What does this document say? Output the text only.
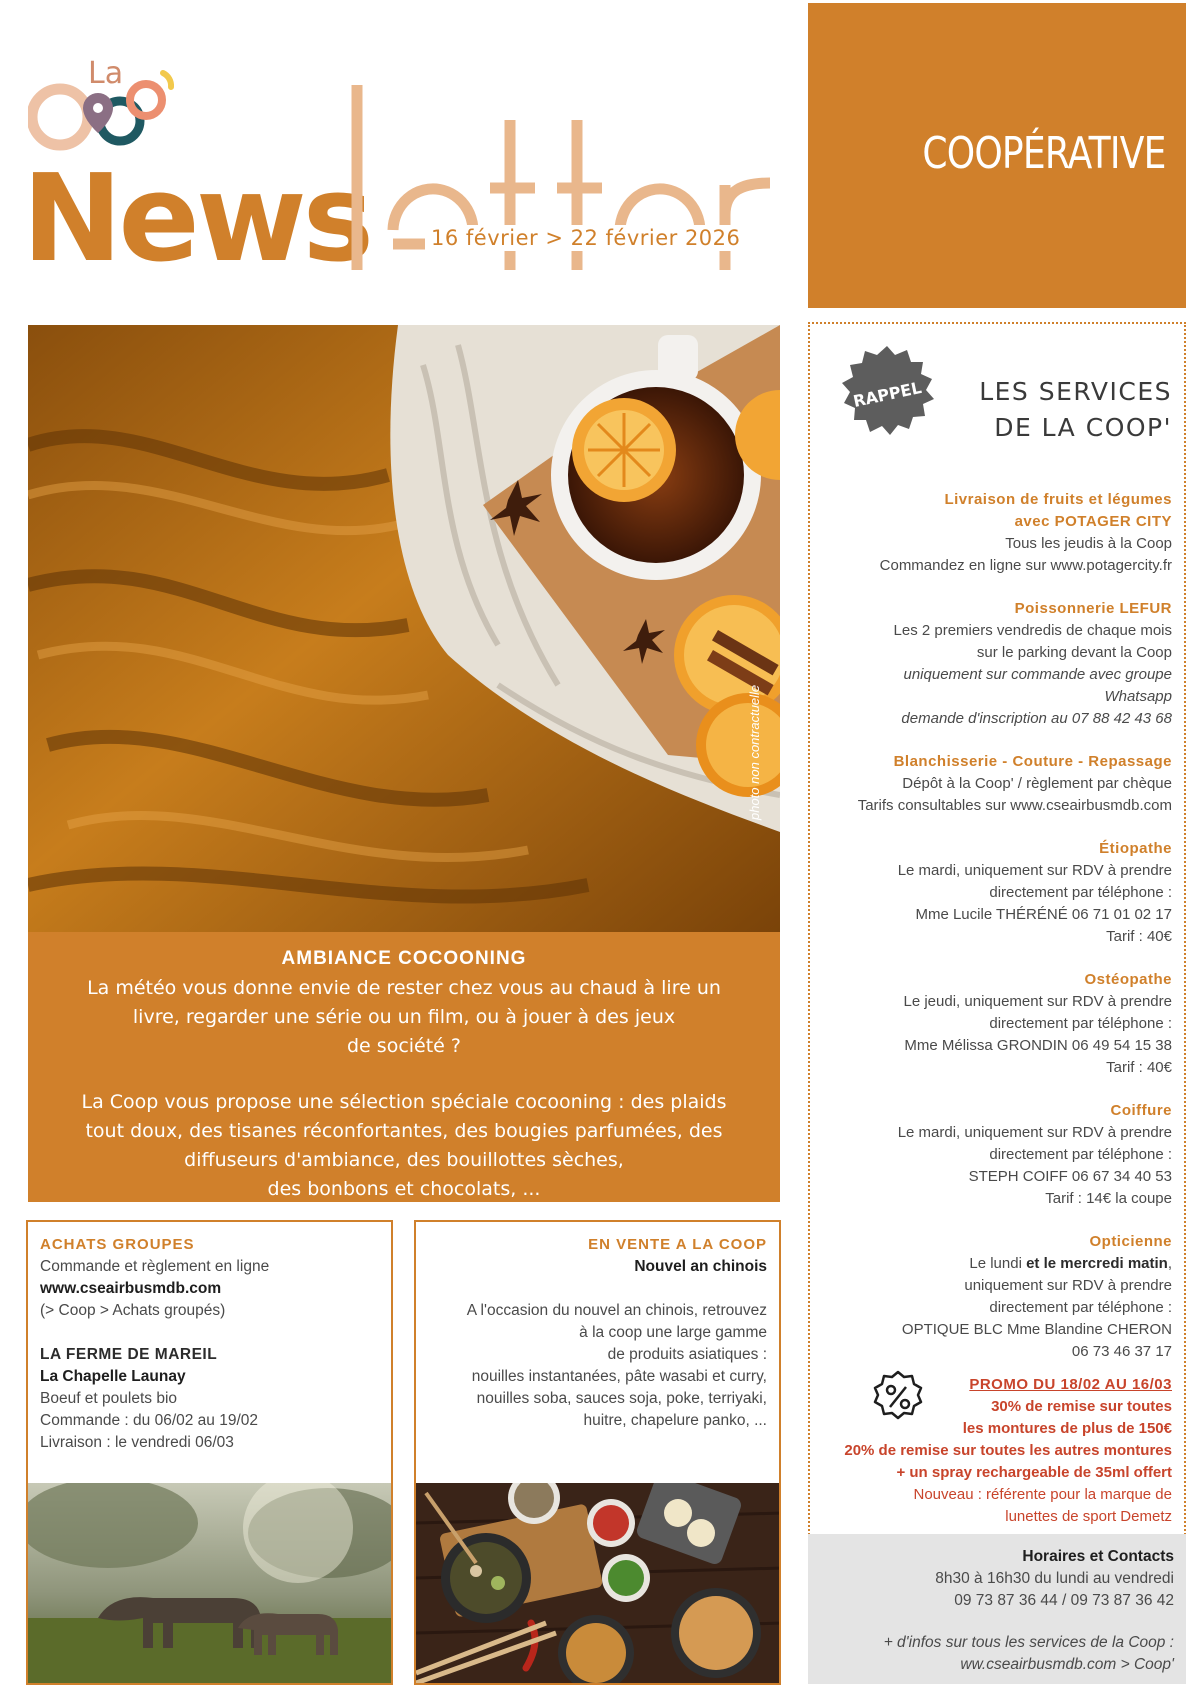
La
News	16 février > 22 février 2026
COOPÉRATIVE
photo non contractuelle
AMBIANCE COCOONING
La météo vous donne envie de rester chez vous au chaud à lire un
livre, regarder une série ou un film, ou à jouer à des jeux
de société ?
La Coop vous propose une sélection spéciale cocooning : des plaids
tout doux, des tisanes réconfortantes, des bougies parfumées, des
diffuseurs d'ambiance, des bouillottes sèches,
des bonbons et chocolats, ...
ACHATS GROUPES
Commande et règlement en ligne
www.cseairbusmdb.com
(> Coop > Achats groupés)
LA FERME DE MAREIL
La Chapelle Launay
Boeuf et poulets bio
Commande : du 06/02 au 19/02
Livraison : le vendredi 06/03
EN VENTE A LA COOP
Nouvel an chinois
A l'occasion du nouvel an chinois, retrouvez
à la coop une large gamme
de produits asiatiques :
nouilles instantanées, pâte wasabi et curry,
nouilles soba, sauces soja, poke, terriyaki,
huitre, chapelure panko, ...
RAPPEL LES SERVICES
DE LA COOP'
Livraison de fruits et légumes
avec POTAGER CITY
Tous les jeudis à la Coop
Commandez en ligne sur www.potagercity.fr
Poissonnerie LEFUR
Les 2 premiers vendredis de chaque mois
sur le parking devant la Coop
uniquement sur commande avec groupe
Whatsapp
demande d'inscription au 07 88 42 43 68
Blanchisserie - Couture - Repassage
Dépôt à la Coop' / règlement par chèque
Tarifs consultables sur www.cseairbusmdb.com
Étiopathe
Le mardi, uniquement sur RDV à prendre
directement par téléphone :
Mme Lucile THÉRÉNÉ 06 71 01 02 17
Tarif : 40€
Ostéopathe
Le jeudi, uniquement sur RDV à prendre
directement par téléphone :
Mme Mélissa GRONDIN 06 49 54 15 38
Tarif : 40€
Coiffure
Le mardi, uniquement sur RDV à prendre
directement par téléphone :
STEPH COIFF 06 67 34 40 53
Tarif : 14€ la coupe
Opticienne
Le lundi et le mercredi matin,
uniquement sur RDV à prendre
directement par téléphone :
OPTIQUE BLC Mme Blandine CHERON
06 73 46 37 17
PROMO DU 18/02 AU 16/03
30% de remise sur toutes
les montures de plus de 150€
20% de remise sur toutes les autres montures
+ un spray rechargeable de 35ml offert
Nouveau : référente pour la marque de
lunettes de sport Demetz
Horaires et Contacts
8h30 à 16h30 du lundi au vendredi
09 73 87 36 44 / 09 73 87 36 42
+ d'infos sur tous les services de la Coop :
ww.cseairbusmdb.com > Coop'
